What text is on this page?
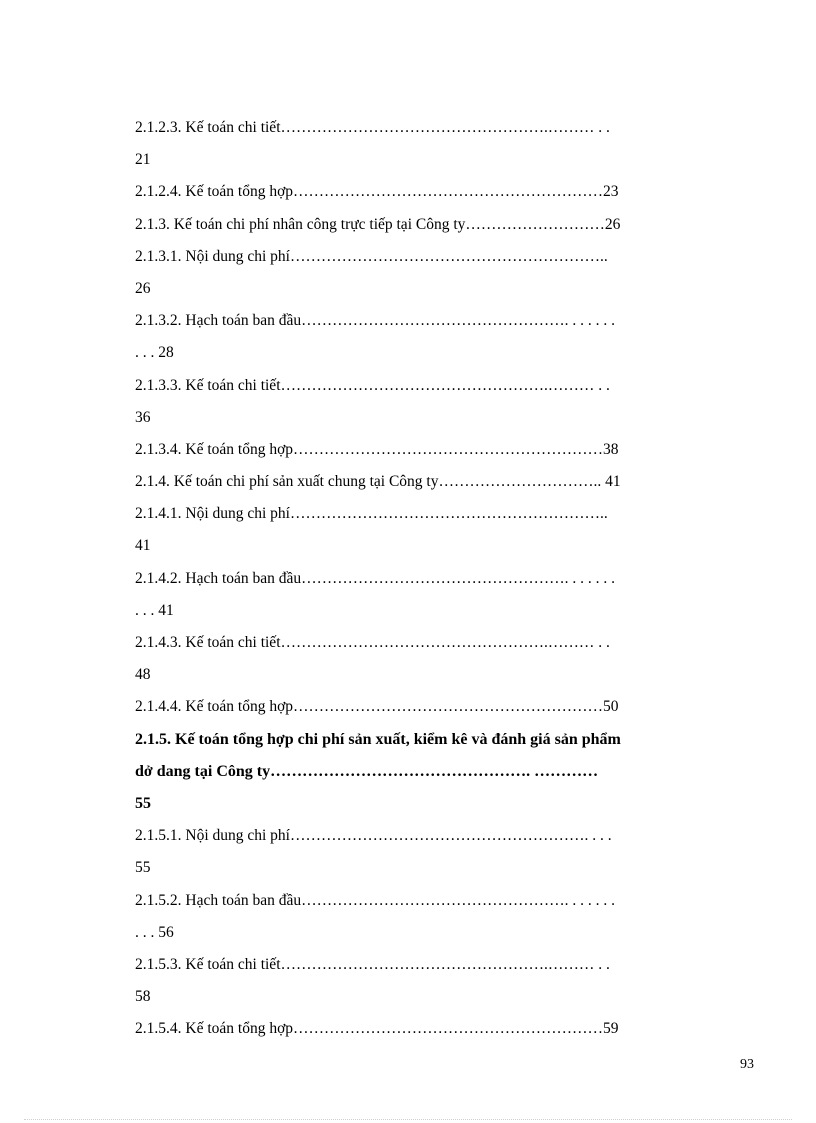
2.1.2.3. Kế toán chi tiết…………………………………………….……… . .
21
2.1.2.4. Kế toán tổng hợp……………………………………………………23
2.1.3. Kế toán chi phí nhân công trực tiếp tại Công ty………………………26
2.1.3.1. Nội dung chi phí……………………………………………………..
26
2.1.3.2. Hạch toán ban đầu……………………………………………. . . . . . .
. . . 28
2.1.3.3. Kế toán chi tiết…………………………………………….……… . .
36
2.1.3.4. Kế toán tổng hợp……………………………………………………38
2.1.4. Kế toán chi phí sản xuất chung tại Công ty………………………….. 41
2.1.4.1. Nội dung chi phí……………………………………………………..
41
2.1.4.2. Hạch toán ban đầu……………………………………………. . . . . . .
. . . 41
2.1.4.3. Kế toán chi tiết…………………………………………….……… . .
48
2.1.4.4. Kế toán tổng hợp……………………………………………………50
2.1.5. Kế toán tổng hợp chi phí sản xuất, kiểm kê và đánh giá sản phẩm
dở dang tại Công ty…………………………………………. …………
55
2.1.5.1. Nội dung chi phí…………………………………………………. . . .
55
2.1.5.2. Hạch toán ban đầu……………………………………………. . . . . . .
. . . 56
2.1.5.3. Kế toán chi tiết…………………………………………….……… . .
58
2.1.5.4. Kế toán tổng hợp……………………………………………………59
93
